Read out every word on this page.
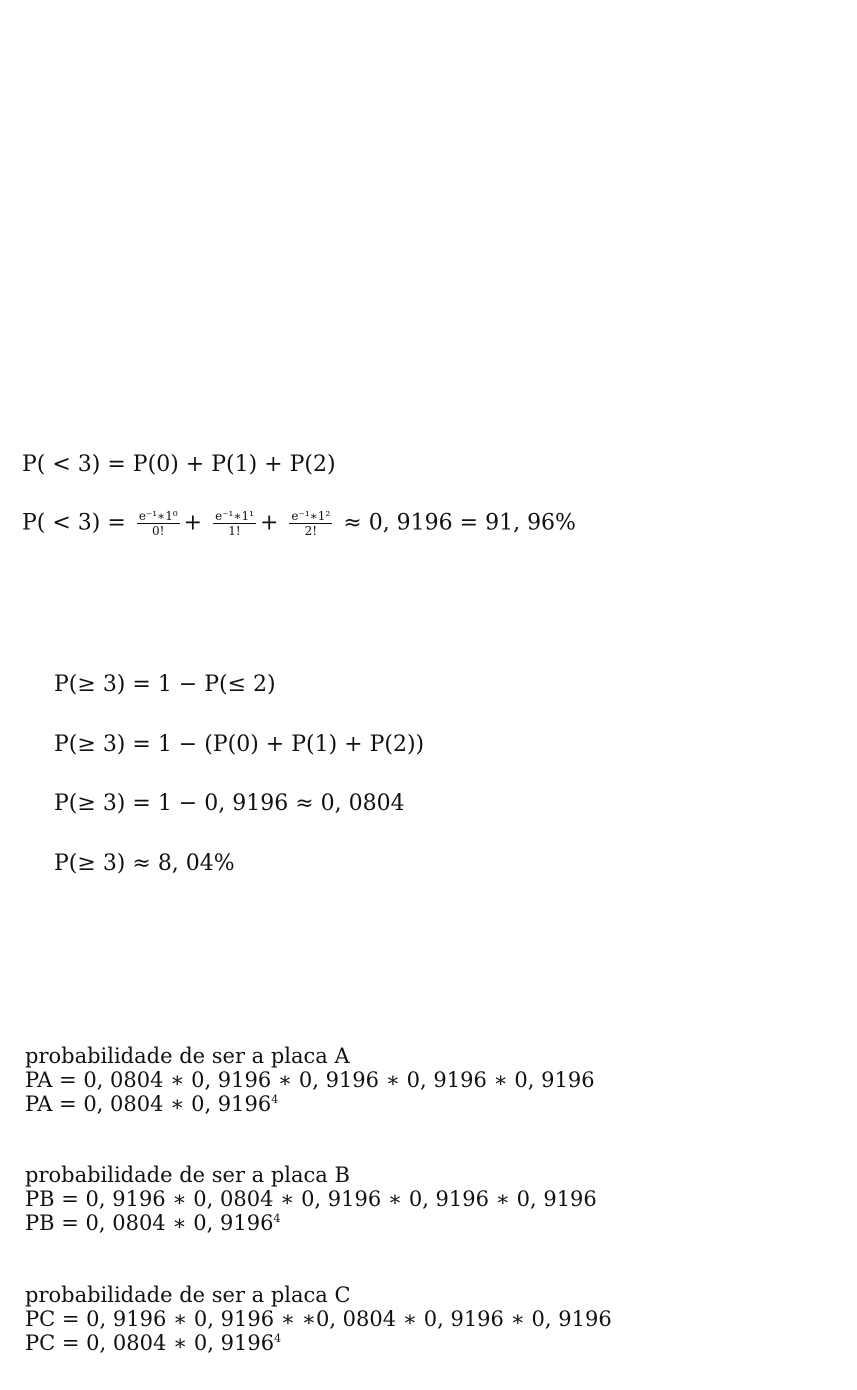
P( < 3) = P(0) + P(1) + P(2)
$P( < 3) = \frac{\text{e⁻¹∗1⁰}}{0!} + \frac{\text{e⁻¹∗1¹}}{1!} + \frac{\text{e⁻¹∗1²}}{2!} \approx 0$, 9196 = 91, 96%
P(≥ 3) = 1 − P(≤ 2)
P(≥ 3) = 1 − (P(0) + P(1) + P(2))
P(≥ 3) = 1 − 0, 9196 ≈ 0, 0804
P(≥ 3) ≈ 8, 04%
probabilidade de ser a placa A
PA = 0, 0804 ∗ 0, 9196 ∗ 0, 9196 ∗ 0, 9196 ∗ 0, 9196
PA = 0, 0804 ∗ 0, 9196$^4$
probabilidade de ser a placa B
PB = 0, 9196 ∗ 0, 0804 ∗ 0, 9196 ∗ 0, 9196 ∗ 0, 9196
PB = 0, 0804 ∗ 0, 9196$^4$
probabilidade de ser a placa C
PC = 0, 9196 ∗ 0, 9196 ∗ ∗0, 0804 ∗ 0, 9196 ∗ 0, 9196
PC = 0, 0804 ∗ 0, 9196$^4$
